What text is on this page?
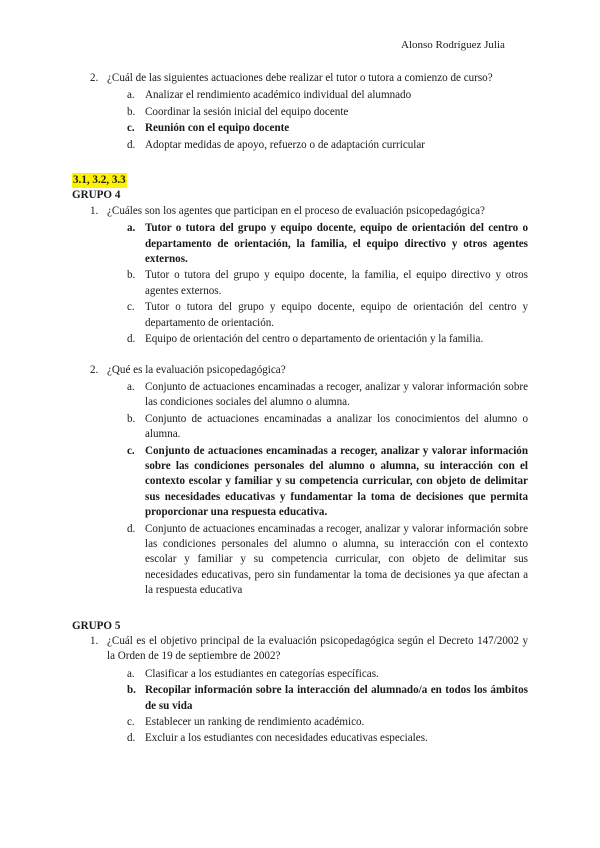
Alonso Rodríguez Julia
2. ¿Cuál de las siguientes actuaciones debe realizar el tutor o tutora a comienzo de curso?
a. Analizar el rendimiento académico individual del alumnado
b. Coordinar la sesión inicial del equipo docente
c. Reunión con el equipo docente
d. Adoptar medidas de apoyo, refuerzo o de adaptación curricular
3.1, 3.2, 3.3
GRUPO 4
1. ¿Cuáles son los agentes que participan en el proceso de evaluación psicopedagógica?
a. Tutor o tutora del grupo y equipo docente, equipo de orientación del centro o departamento de orientación, la familia, el equipo directivo y otros agentes externos.
b. Tutor o tutora del grupo y equipo docente, la familia, el equipo directivo y otros agentes externos.
c. Tutor o tutora del grupo y equipo docente, equipo de orientación del centro y departamento de orientación.
d. Equipo de orientación del centro o departamento de orientación y la familia.
2. ¿Qué es la evaluación psicopedagógica?
a. Conjunto de actuaciones encaminadas a recoger, analizar y valorar información sobre las condiciones sociales del alumno o alumna.
b. Conjunto de actuaciones encaminadas a analizar los conocimientos del alumno o alumna.
c. Conjunto de actuaciones encaminadas a recoger, analizar y valorar información sobre las condiciones personales del alumno o alumna, su interacción con el contexto escolar y familiar y su competencia curricular, con objeto de delimitar sus necesidades educativas y fundamentar la toma de decisiones que permita proporcionar una respuesta educativa.
d. Conjunto de actuaciones encaminadas a recoger, analizar y valorar información sobre las condiciones personales del alumno o alumna, su interacción con el contexto escolar y familiar y su competencia curricular, con objeto de delimitar sus necesidades educativas, pero sin fundamentar la toma de decisiones ya que afectan a la respuesta educativa
GRUPO 5
1. ¿Cuál es el objetivo principal de la evaluación psicopedagógica según el Decreto 147/2002 y la Orden de 19 de septiembre de 2002?
a. Clasificar a los estudiantes en categorías específicas.
b. Recopilar información sobre la interacción del alumnado/a en todos los ámbitos de su vida
c. Establecer un ranking de rendimiento académico.
d. Excluir a los estudiantes con necesidades educativas especiales.
